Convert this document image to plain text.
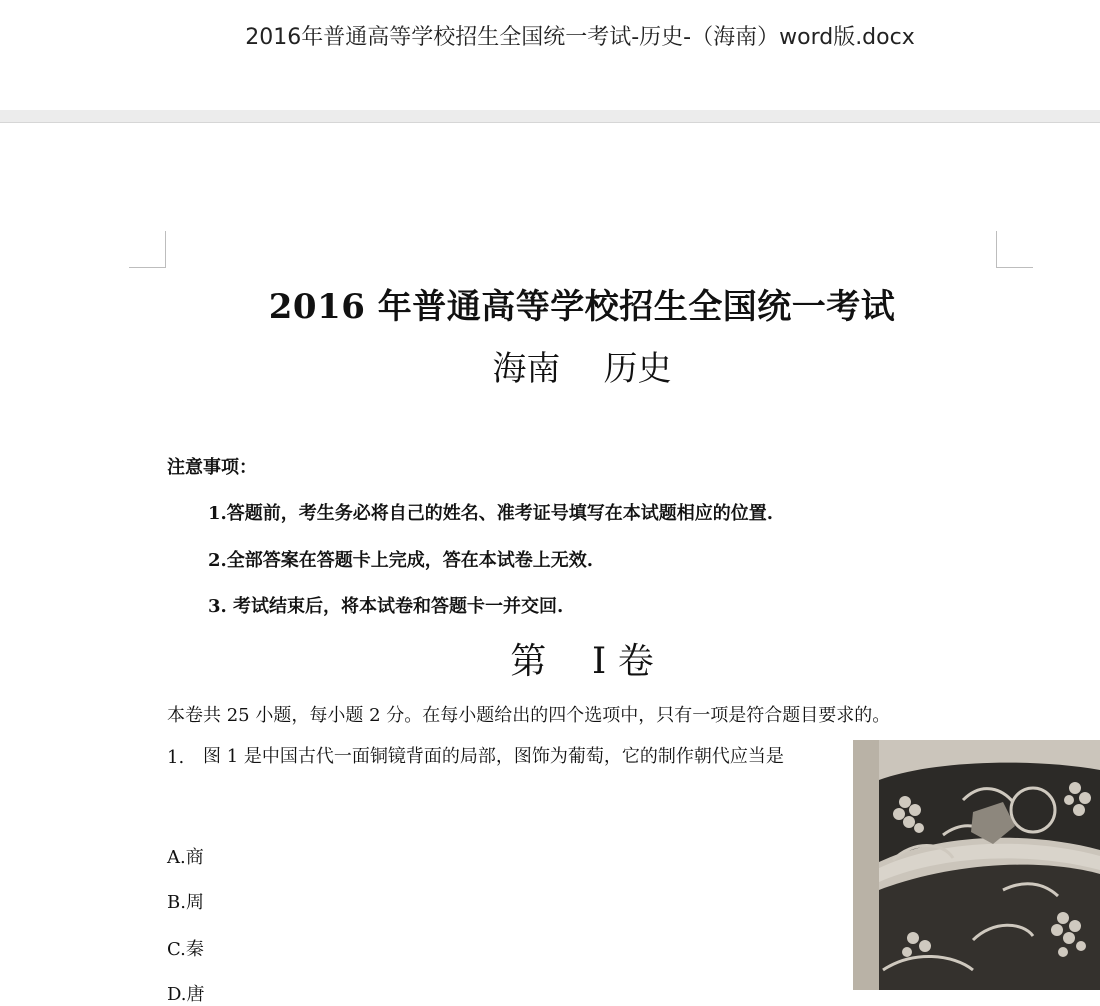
2016年普通高等学校招生全国统一考试-历史-（海南）word版.docx
2016 年普通高等学校招生全国统一考试
海南    历史
注意事项：
1.答题前，考生务必将自己的姓名、准考证号填写在本试题相应的位置.
2.全部答案在答题卡上完成，答在本试卷上无效.
3. 考试结束后，将本试卷和答题卡一并交回.
第    I 卷
本卷共 25 小题，每小题 2 分。在每小题给出的四个选项中，只有一项是符合题目要求的。
1. 图 1 是中国古代一面铜镜背面的局部，图饰为葡萄，它的制作朝代应当是
A.商
B.周
C.秦
D.唐
